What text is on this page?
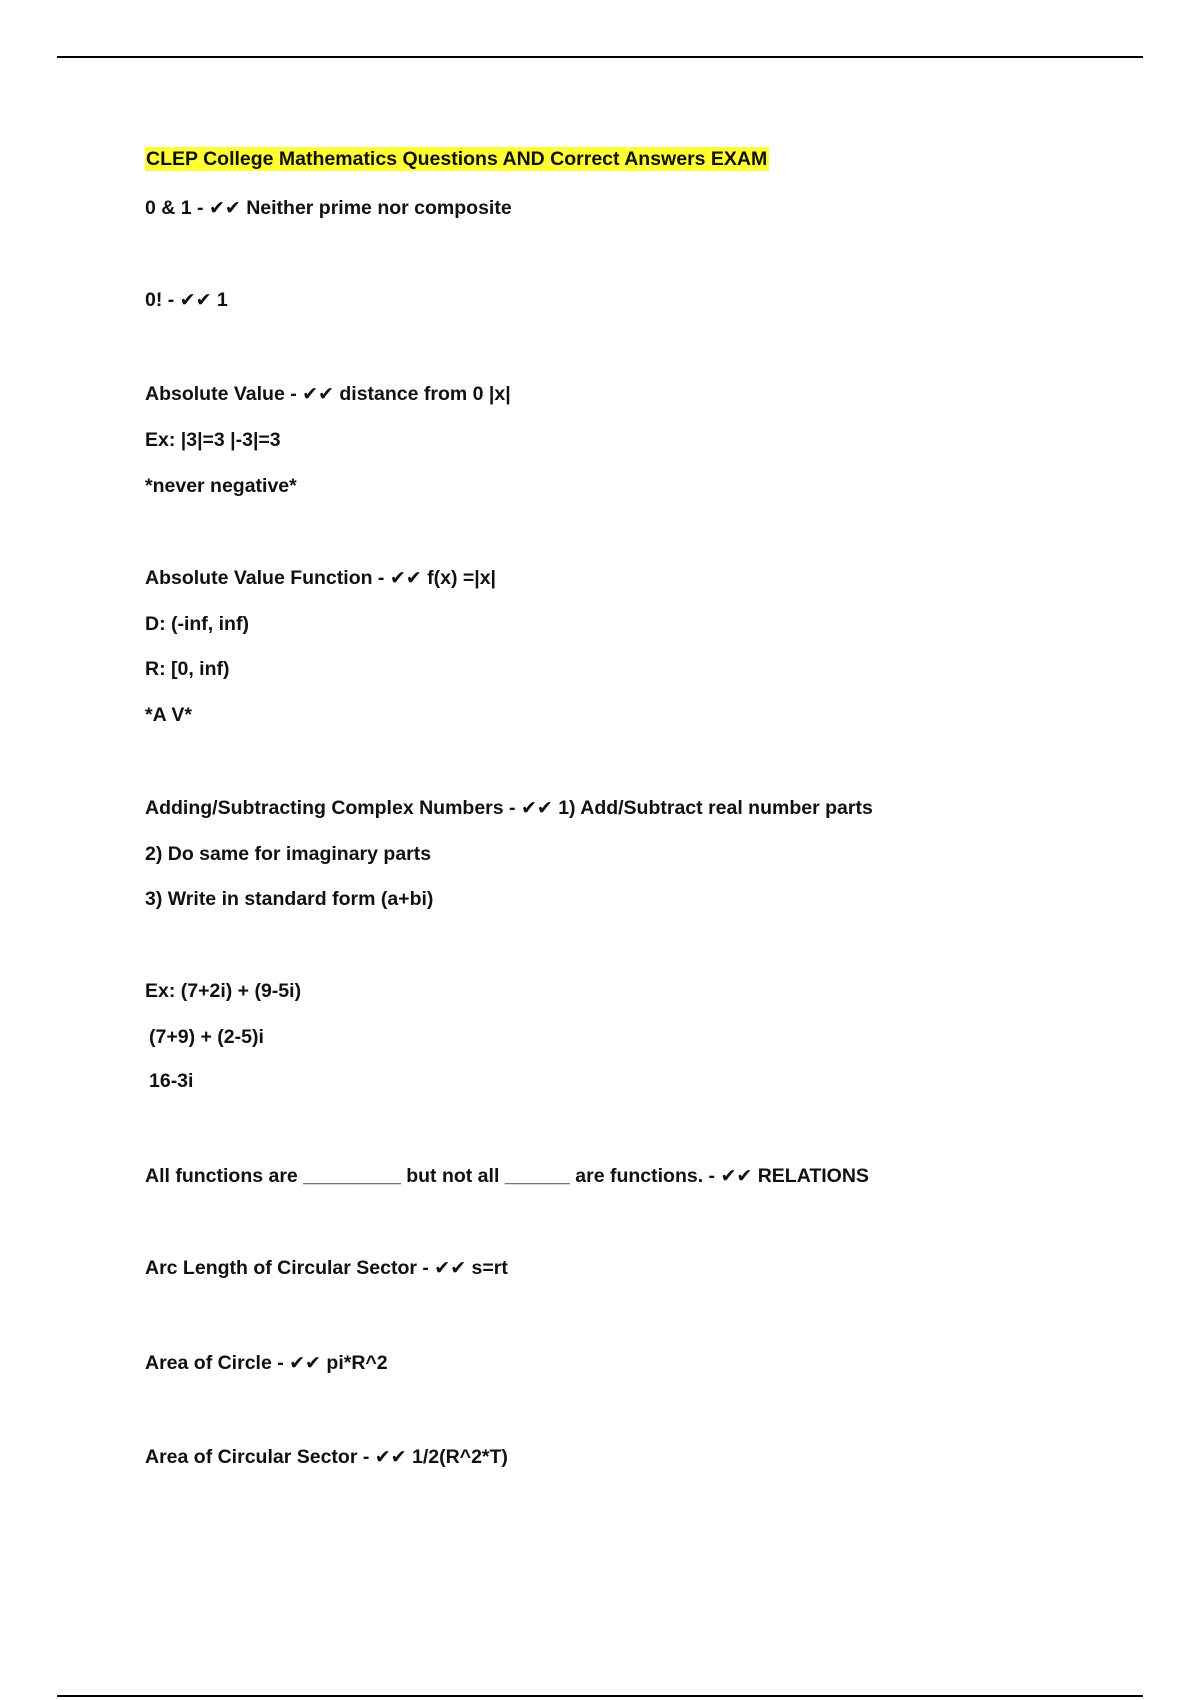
CLEP College Mathematics Questions AND Correct Answers EXAM
0 & 1 - ✔✔ Neither prime nor composite
0! - ✔✔ 1
Absolute Value - ✔✔ distance from 0 |x|
Ex: |3|=3 |-3|=3
*never negative*
Absolute Value Function - ✔✔ f(x) =|x|
D: (-inf, inf)
R: [0, inf)
*A V*
Adding/Subtracting Complex Numbers - ✔✔ 1) Add/Subtract real number parts
2) Do same for imaginary parts
3) Write in standard form (a+bi)
Ex: (7+2i) + (9-5i)
(7+9) + (2-5)i
16-3i
All functions are _________ but not all ______ are functions. - ✔✔ RELATIONS
Arc Length of Circular Sector - ✔✔ s=rt
Area of Circle - ✔✔ pi*R^2
Area of Circular Sector - ✔✔ 1/2(R^2*T)
